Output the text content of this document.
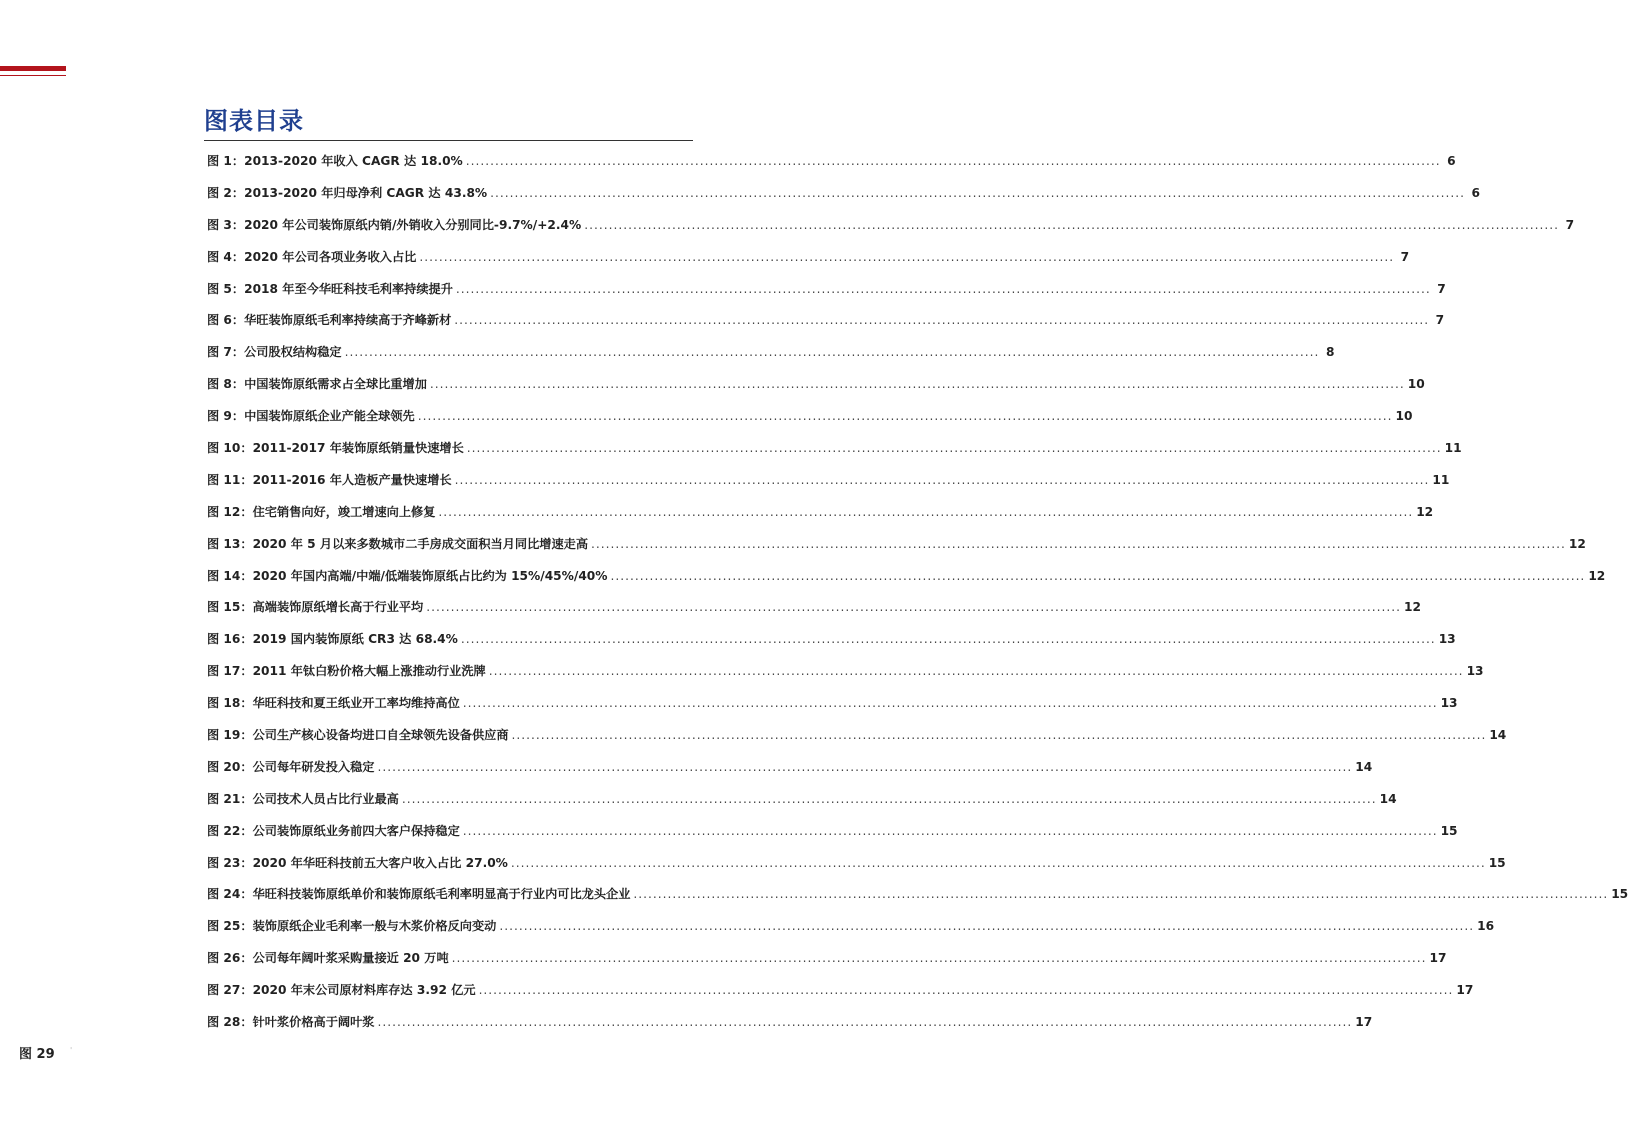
图表目录
图 1：2013-2020 年收入 CAGR 达 18.0% ........................................................................................................................................................................................................ 6
图 2：2013-2020 年归母净利 CAGR 达 43.8% ........................................................................................................................................................................................................ 6
图 3：2020 年公司装饰原纸内销/外销收入分别同比-9.7%/+2.4% ........................................................................................................................................................................................................ 7
图 4：2020 年公司各项业务收入占比 ........................................................................................................................................................................................................ 7
图 5：2018 年至今华旺科技毛利率持续提升 ........................................................................................................................................................................................................ 7
图 6：华旺装饰原纸毛利率持续高于齐峰新材 ........................................................................................................................................................................................................ 7
图 7：公司股权结构稳定 ........................................................................................................................................................................................................ 8
图 8：中国装饰原纸需求占全球比重增加 ........................................................................................................................................................................................................ 10
图 9：中国装饰原纸企业产能全球领先 ........................................................................................................................................................................................................ 10
图 10：2011-2017 年装饰原纸销量快速增长 ........................................................................................................................................................................................................ 11
图 11：2011-2016 年人造板产量快速增长 ........................................................................................................................................................................................................ 11
图 12：住宅销售向好，竣工增速向上修复 ........................................................................................................................................................................................................ 12
图 13：2020 年 5 月以来多数城市二手房成交面积当月同比增速走高 ........................................................................................................................................................................................................ 12
图 14：2020 年国内高端/中端/低端装饰原纸占比约为 15%/45%/40% ........................................................................................................................................................................................................ 12
图 15：高端装饰原纸增长高于行业平均 ........................................................................................................................................................................................................ 12
图 16：2019 国内装饰原纸 CR3 达 68.4% ........................................................................................................................................................................................................ 13
图 17：2011 年钛白粉价格大幅上涨推动行业洗牌 ........................................................................................................................................................................................................ 13
图 18：华旺科技和夏王纸业开工率均维持高位 ........................................................................................................................................................................................................ 13
图 19：公司生产核心设备均进口自全球领先设备供应商 ........................................................................................................................................................................................................ 14
图 20：公司每年研发投入稳定 ........................................................................................................................................................................................................ 14
图 21：公司技术人员占比行业最高 ........................................................................................................................................................................................................ 14
图 22：公司装饰原纸业务前四大客户保持稳定 ........................................................................................................................................................................................................ 15
图 23：2020 年华旺科技前五大客户收入占比 27.0% ........................................................................................................................................................................................................ 15
图 24：华旺科技装饰原纸单价和装饰原纸毛利率明显高于行业内可比龙头企业 ........................................................................................................................................................................................................ 15
图 25：装饰原纸企业毛利率一般与木浆价格反向变动 ........................................................................................................................................................................................................ 16
图 26：公司每年阔叶浆采购量接近 20 万吨 ........................................................................................................................................................................................................ 17
图 27：2020 年末公司原材料库存达 3.92 亿元 ........................................................................................................................................................................................................ 17
图 28：针叶浆价格高于阔叶浆 ........................................................................................................................................................................................................ 17
图 29 '
